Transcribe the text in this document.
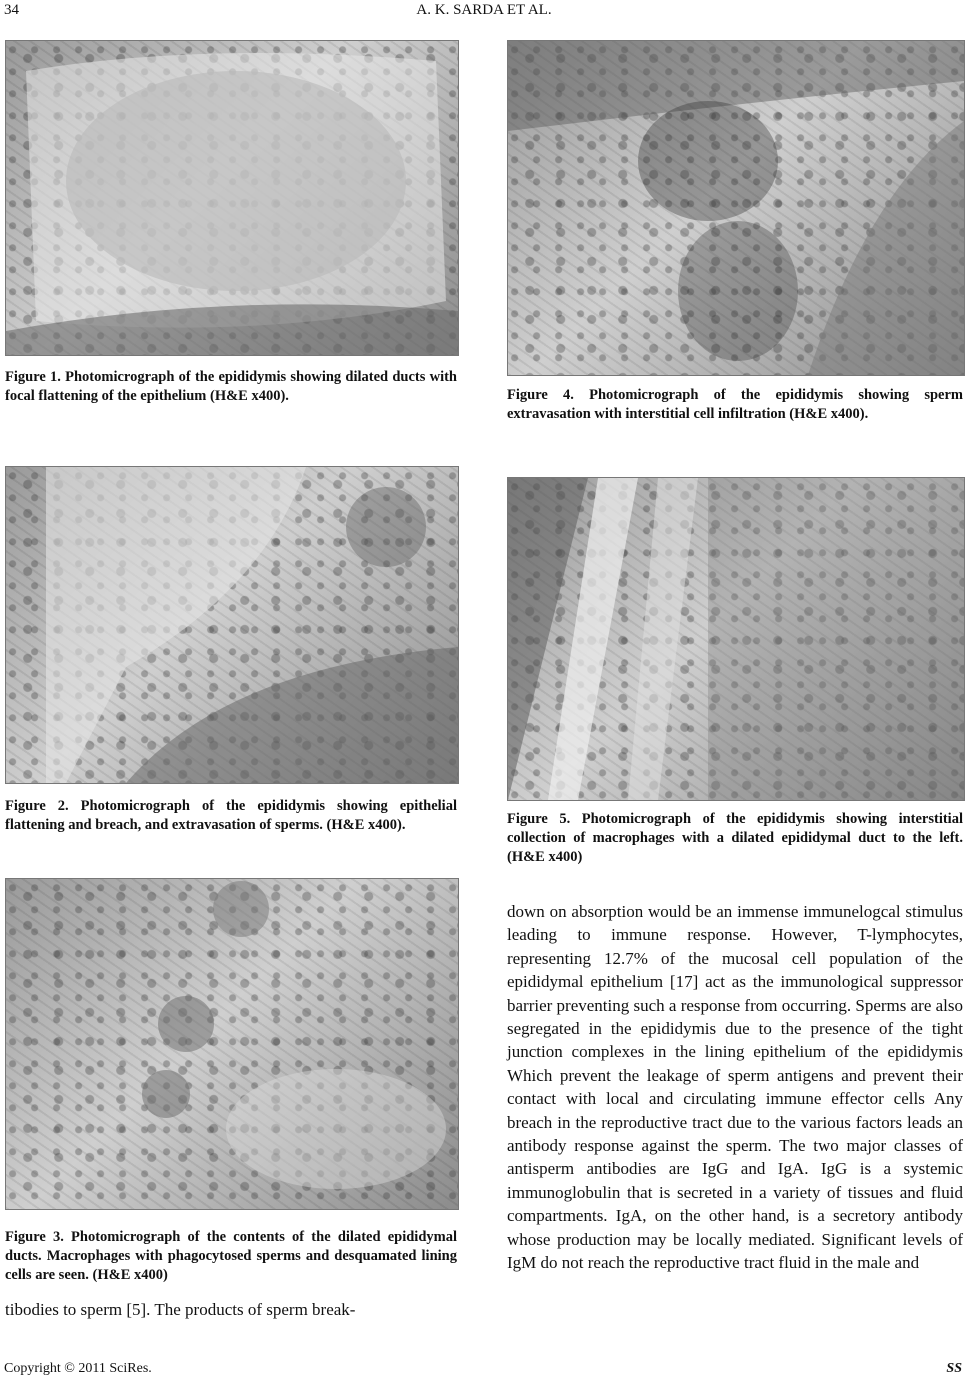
34	A. K. SARDA ET AL.

Figure 1. Photomicrograph of the epididymis showing dilated ducts with focal flattening of the epithelium (H&E x400).

Figure 2. Photomicrograph of the epididymis showing epithelial flattening and breach, and extravasation of sperms. (H&E x400).

Figure 3. Photomicrograph of the contents of the dilated epididymal ducts. Macrophages with phagocytosed sperms and desquamated lining cells are seen. (H&E x400)

tibodies to sperm [5]. The products of sperm break-

Figure 4. Photomicrograph of the epididymis showing sperm extravasation with interstitial cell infiltration (H&E x400).

Figure 5. Photomicrograph of the epididymis showing interstitial collection of macrophages with a dilated epididymal duct to the left. (H&E x400)

down on absorption would be an immense immunelogcal stimulus leading to immune response. However, T-lymphocytes, representing 12.7% of the mucosal cell population of the epididymal epithelium [17] act as the immunological suppressor barrier preventing such a response from occurring. Sperms are also segregated in the epididymis due to the presence of the tight junction complexes in the lining epithelium of the epididymis Which prevent the leakage of sperm antigens and prevent their contact with local and circulating immune effector cells Any breach in the reproductive tract due to the various factors leads an antibody response against the sperm. The two major classes of antisperm antibodies are IgG and IgA. IgG is a systemic immunoglobulin that is secreted in a variety of tissues and fluid compartments. IgA, on the other hand, is a secretory antibody whose production may be locally mediated. Significant levels of IgM do not reach the reproductive tract fluid in the male and

Copyright © 2011 SciRes.	SS
